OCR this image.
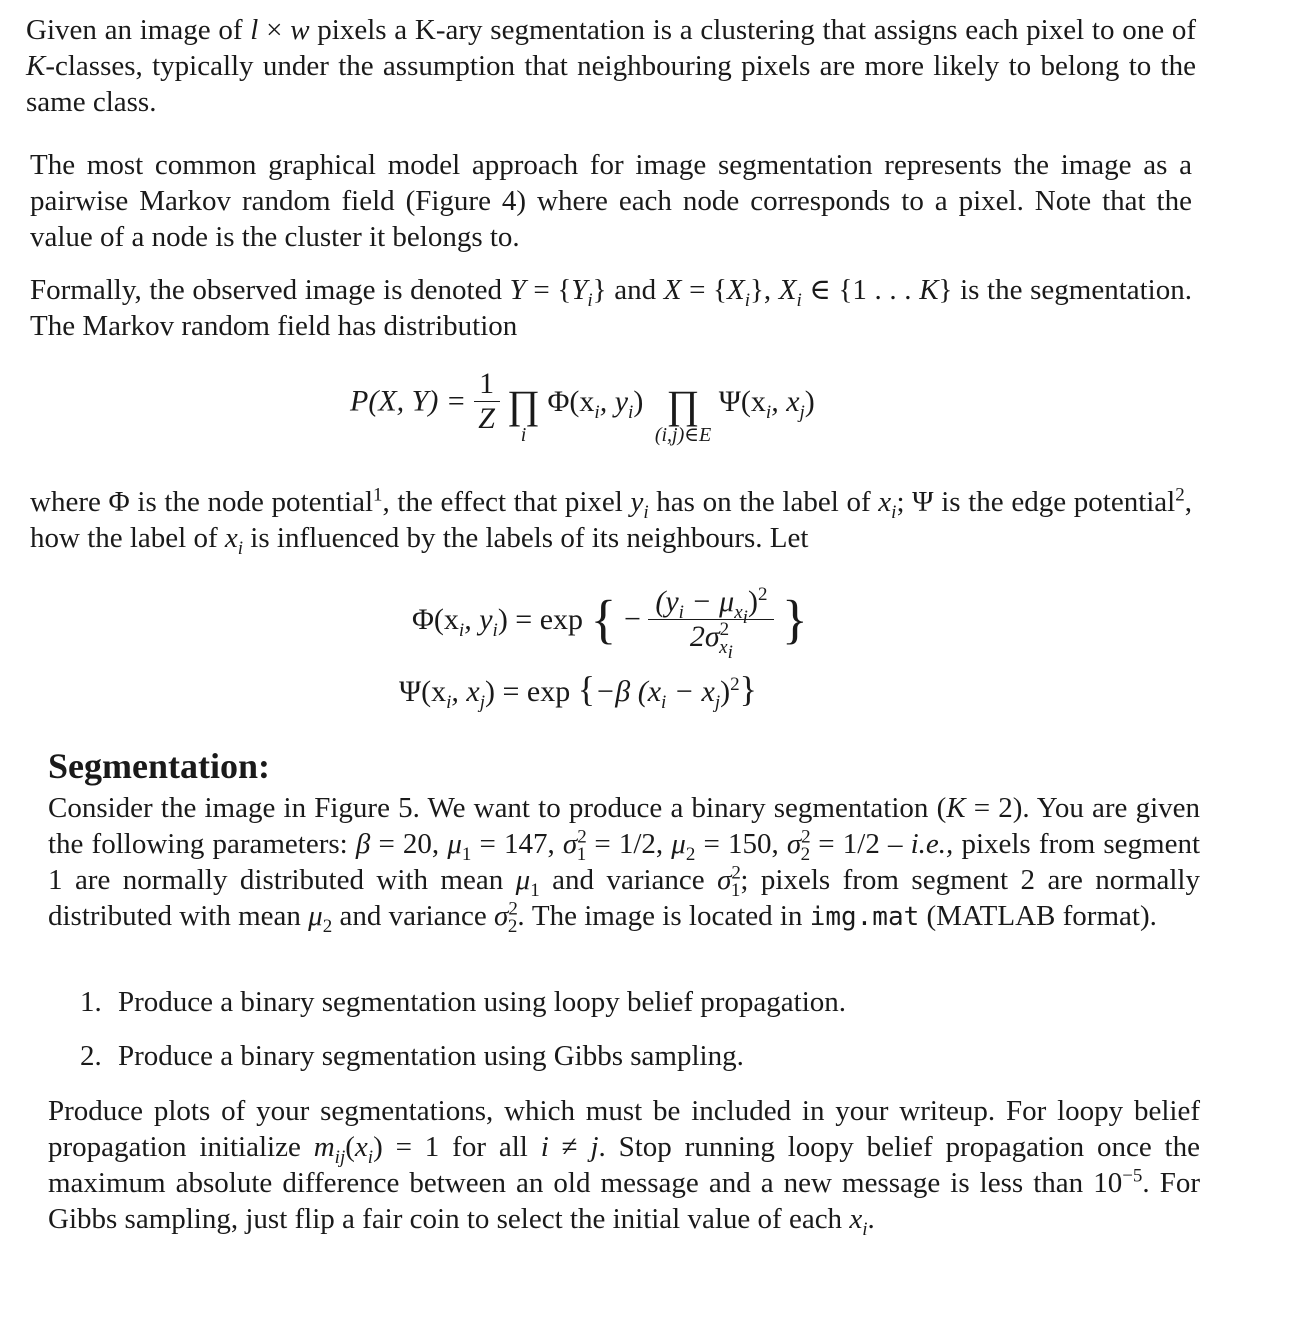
Given an image of l × w pixels a K-ary segmentation is a clustering that assigns each pixel to one of K-classes, typically under the assumption that neighbouring pixels are more likely to belong to the same class.

The most common graphical model approach for image segmentation represents the image as a pairwise Markov random field (Figure 4) where each node corresponds to a pixel. Note that the value of a node is the cluster it belongs to.

Formally, the observed image is denoted $Y = \{Y_i\}$ and $X = \{X_i\}$, $X_i$ ∈ {1 . . . K} is the segmentation. The Markov random field has distribution

P(X, $Y) = \frac{1}{Z}$
∏
i
$\Phi(x_i$, $y_i$) ∏
(i,j)∈E
$\Psi(x_i$, $x_j$)

where Φ is the node potential$^1$, the effect that pixel $y_i$ has on the label of $x_i$; Ψ is the edge potential$^2$, how the label of $x_i$ is influenced by the labels of its neighbours. Let

$\Phi(x_i$, $y_i) = \exp$ { − $\frac{(y_i - \mu_{x_i})^2}{2\sigma^2_{x_i}}$ }
$\Psi(x_i$, $x_j) = \exp \{-\beta$ $(x_i - x_j)^2$}
Segmentation:

Consider the image in Figure 5. We want to produce a binary segmentation (K = 2). You are given the following parameters: β = 20, $\mu_1 = 147$, $\sigma^2_1 = 1/2$, $\mu_2 = 150$, $\sigma^2_2 = 1/2 - i.e$., pixels from segment 1 are normally distributed with mean $\mu_1$ and variance $\sigma^2_1$; pixels from segment 2 are normally distributed with mean $\mu_2$ and variance $\sigma^2_2$. The image is located in img.mat (MATLAB format).

1. Produce a binary segmentation using loopy belief propagation.
2. Produce a binary segmentation using Gibbs sampling.

Produce plots of your segmentations, which must be included in your writeup. For loopy belief propagation initialize $m_{ij}(x_i) = 1$ for all i ≠ j. Stop running loopy belief propagation once the maximum absolute difference between an old message and a new message is less than $10^{-5}$. For Gibbs sampling, just flip a fair coin to select the initial value of each $x_i$.
